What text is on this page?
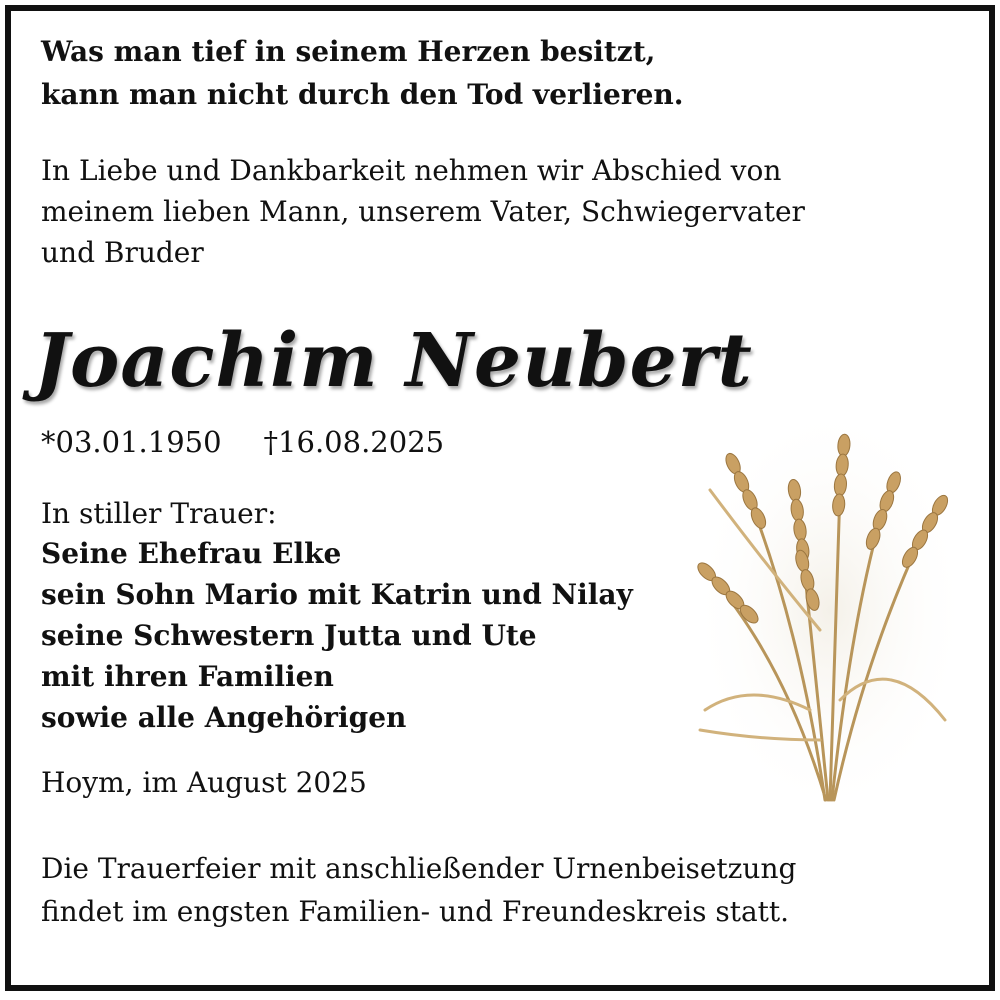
Was man tief in seinem Herzen besitzt,
kann man nicht durch den Tod verlieren.
In Liebe und Dankbarkeit nehmen wir Abschied von
meinem lieben Mann, unserem Vater, Schwiegervater
und Bruder
Joachim Neubert
*03.01.1950 †16.08.2025
In stiller Trauer:
Seine Ehefrau Elke
sein Sohn Mario mit Katrin und Nilay
seine Schwestern Jutta und Ute
mit ihren Familien
sowie alle Angehörigen
Hoym, im August 2025
Die Trauerfeier mit anschließender Urnenbeisetzung
findet im engsten Familien- und Freundeskreis statt.
